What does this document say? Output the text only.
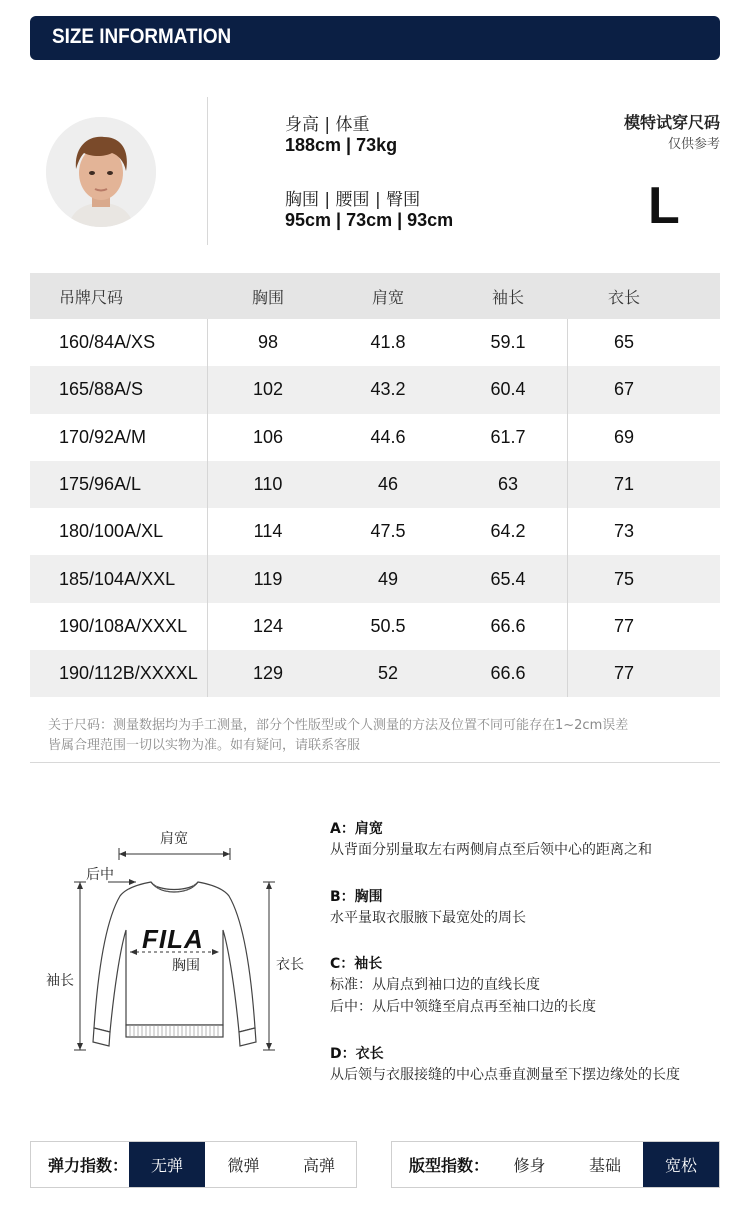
SIZE INFORMATION
身高 | 体重
188cm | 73kg
胸围 | 腰围 | 臀围
95cm | 73cm | 93cm
模特试穿尺码
仅供参考
L
吊牌尺码	胸围	肩宽	袖长	衣长
160/84A/XS	98	41.8	59.1	65
165/88A/S	102	43.2	60.4	67
170/92A/M	106	44.6	61.7	69
175/96A/L	110	46	63	71
180/100A/XL	114	47.5	64.2	73
185/104A/XXL	119	49	65.4	75
190/108A/XXXL	124	50.5	66.6	77
190/112B/XXXXL	129	52	66.6	77
关于尺码：测量数据均为手工测量，部分个性版型或个人测量的方法及位置不同可能存在1~2cm误差
皆属合理范围一切以实物为准。如有疑问，请联系客服
肩宽
后中
袖长
衣长
胸围
FILA
A：肩宽
从背面分别量取左右两侧肩点至后领中心的距离之和
B：胸围
水平量取衣服腋下最宽处的周长
C：袖长
标准：从肩点到袖口边的直线长度
后中：从后中领缝至肩点再至袖口边的长度
D：衣长
从后领与衣服接缝的中心点垂直测量至下摆边缘处的长度
弹力指数：	无弹	微弹	高弹	版型指数：	修身	基础	宽松
